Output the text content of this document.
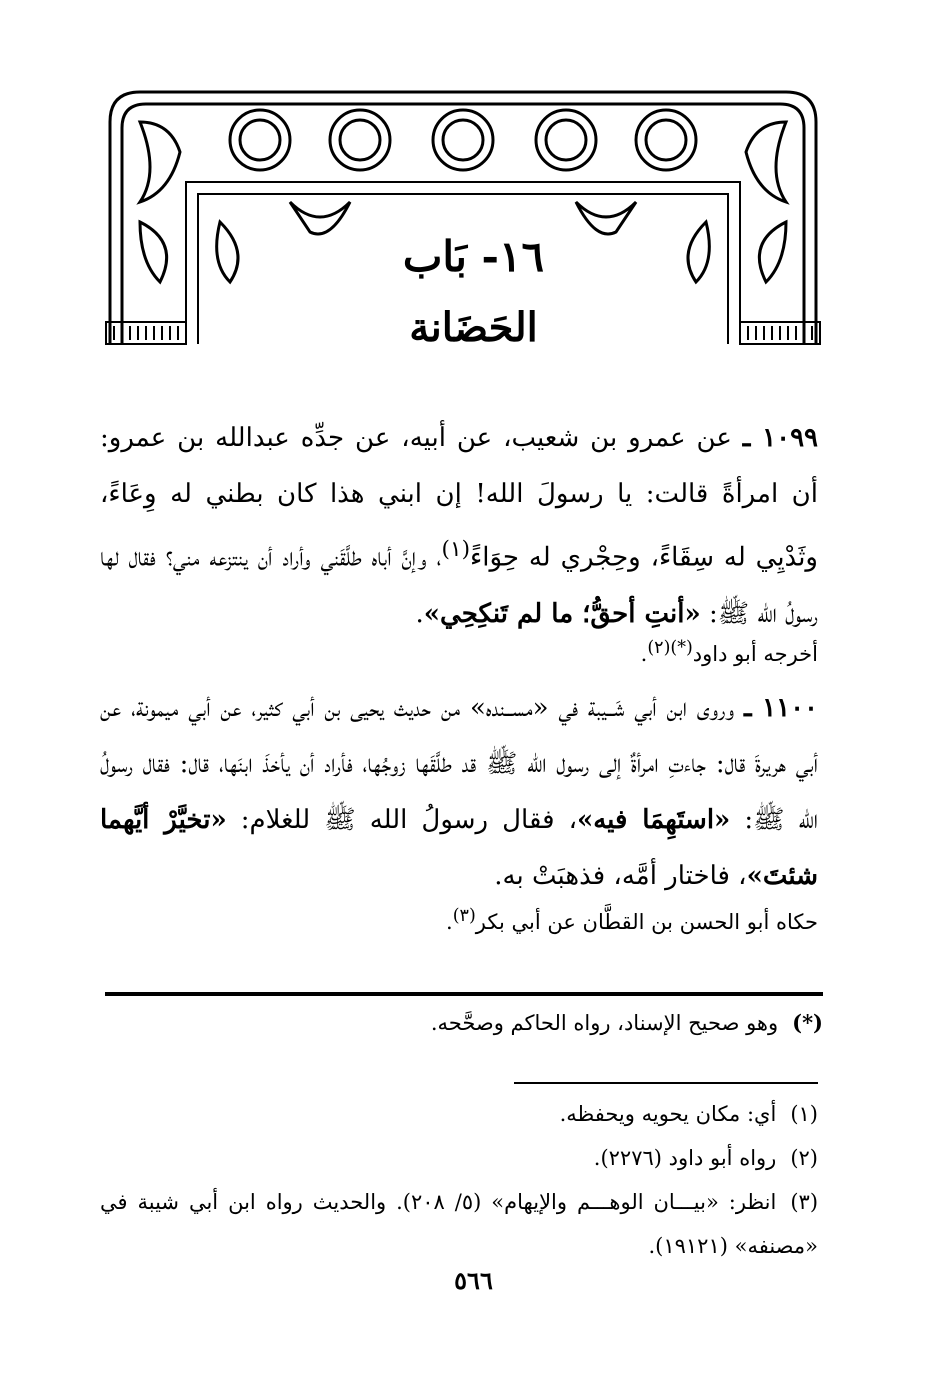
١٦- بَاب
الحَضَانة

١٠٩٩ ـ عن عمرو بن شعيب، عن أبيه، عن جدِّه عبدالله بن عمرو: أن امرأةً قالت: يا رسولَ الله! إن ابني هذا كان بطني له وِعَاءً، وثَدْيِي له سِقَاءً، وحِجْري له حِوَاءً$^{(١)}$، وإنَّ أباه طلَّقَني وأراد أن ينتزعه مني؟ فقال لها رسولُ الله ﷺ: «أنتِ أحقُّ؛ ما لم تَنكِحِي».

أخرجه أبو داود$^{(*)(٢)}$.

١١٠٠ ـ وروى ابن أبي شَــيبة في «مســنده» من حديث يحيى بن أبي كثير، عن أبي ميمونة، عن أبي هريرةَ قال: جاءتِ امرأةٌ إلى رسول الله ﷺ قد طلَّقَها زوجُها، فأراد أن يأخذَ ابنَها، قال: فقال رسولُ الله ﷺ: «استَهِمَا فيه»، فقال رسولُ الله ﷺ للغلام: «تخيَّرْ أيَّهما شئتَ»، فاختار أمَّه، فذهبَتْ به.

حكاه أبو الحسن بن القطَّان عن أبي بكر$^{(٣)}$.
(*)وهو صحيح الإسناد، رواه الحاكم وصحَّحه.

(١)أي: مكان يحويه ويحفظه.

(٢)رواه أبو داود (٢٢٧٦).

(٣)انظر: «بيـــان الوهـــم والإيهام» (٥/ ٢٠٨). والحديث رواه ابن أبي شيبة في «مصنفه» (١٩١٢١).

٥٦٦
